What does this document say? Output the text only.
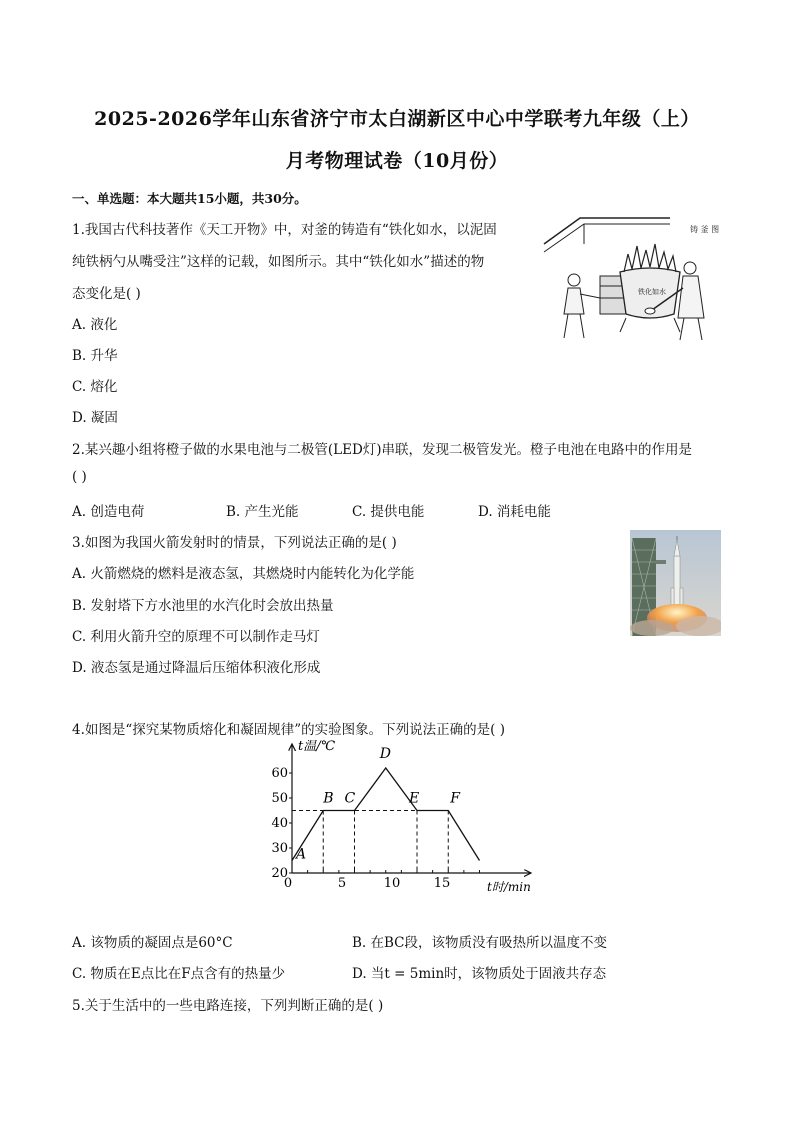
2025-2026学年山东省济宁市太白湖新区中心中学联考九年级（上）
月考物理试卷（10月份）
一、单选题：本大题共15小题，共30分。
1.我国古代科技著作《天工开物》中，对釜的铸造有“铁化如水，以泥固
纯铁柄勺从嘴受注”这样的记载，如图所示。其中“铁化如水”描述的物
态变化是( )
A. 液化
B. 升华
C. 熔化
D. 凝固
铁化如水
铸 釜 图
2.某兴趣小组将橙子做的水果电池与二极管(LED灯)串联，发现二极管发光。橙子电池在电路中的作用是
( )
A. 创造电荷	B. 产生光能	C. 提供电能	D. 消耗电能
3.如图为我国火箭发射时的情景，下列说法正确的是( )
A. 火箭燃烧的燃料是液态氢，其燃烧时内能转化为化学能
B. 发射塔下方水池里的水汽化时会放出热量
C. 利用火箭升空的原理不可以制作走马灯
D. 液态氢是通过降温后压缩体积液化形成
4.如图是“探究某物质熔化和凝固规律”的实验图象。下列说法正确的是( )
20
30
40
50
60
0	5	10	15
t温/℃
t时/min
A
B C
D
E F
A. 该物质的凝固点是60°C	B. 在BC段，该物质没有吸热所以温度不变
C. 物质在E点比在F点含有的热量少	D. 当t = 5min时，该物质处于固液共存态
5.关于生活中的一些电路连接，下列判断正确的是( )
